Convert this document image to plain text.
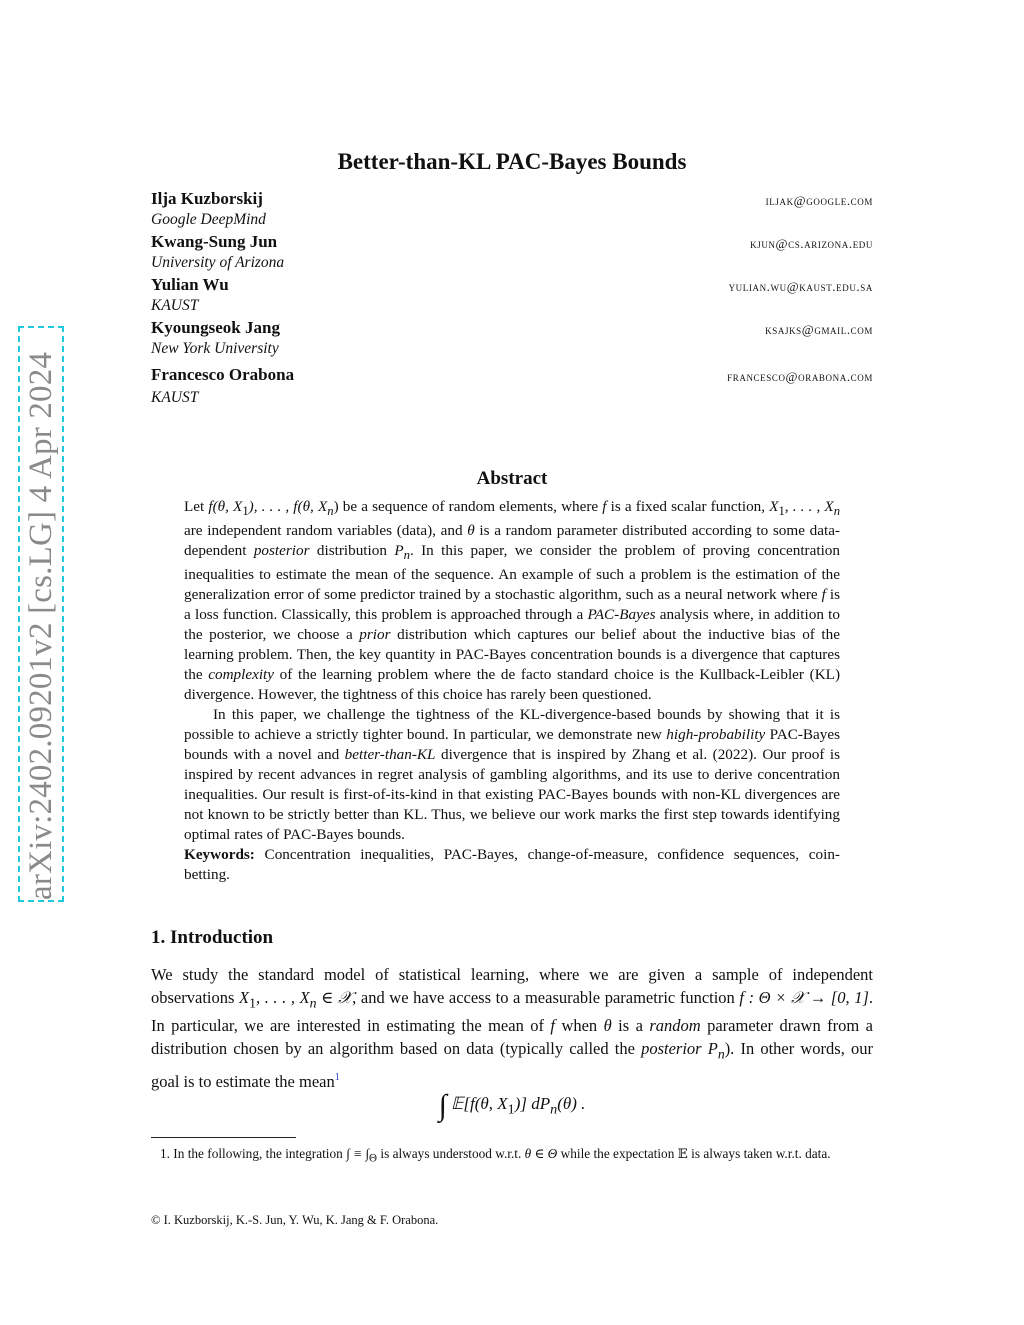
arXiv:2402.09201v2 [cs.LG] 4 Apr 2024
Better-than-KL PAC-Bayes Bounds
Ilja Kuzborskij	iljak@google.com
Google DeepMind
Kwang-Sung Jun	kjun@cs.arizona.edu
University of Arizona
Yulian Wu	yulian.wu@kaust.edu.sa
KAUST
Kyoungseok Jang	ksajks@gmail.com
New York University
Francesco Orabona	francesco@orabona.com
KAUST
Abstract

Let f(θ, $X_1$), . . . , f(θ, $X_n$) be a sequence of random elements, where f is a fixed scalar function, $X_1$, . . . , $X_n$ are independent random variables (data), and θ is a random parameter distributed according to some data-dependent posterior distribution $P_n$. In this paper, we consider the problem of proving concentration inequalities to estimate the mean of the sequence. An example of such a problem is the estimation of the generalization error of some predictor trained by a stochastic algorithm, such as a neural network where f is a loss function. Classically, this problem is approached through a PAC-Bayes analysis where, in addition to the posterior, we choose a prior distribution which captures our belief about the inductive bias of the learning problem. Then, the key quantity in PAC-Bayes concentration bounds is a divergence that captures the complexity of the learning problem where the de facto standard choice is the Kullback-Leibler (KL) divergence. However, the tightness of this choice has rarely been questioned.

In this paper, we challenge the tightness of the KL-divergence-based bounds by showing that it is possible to achieve a strictly tighter bound. In particular, we demonstrate new high-probability PAC-Bayes bounds with a novel and better-than-KL divergence that is inspired by Zhang et al. (2022). Our proof is inspired by recent advances in regret analysis of gambling algorithms, and its use to derive concentration inequalities. Our result is first-of-its-kind in that existing PAC-Bayes bounds with non-KL divergences are not known to be strictly better than KL. Thus, we believe our work marks the first step towards identifying optimal rates of PAC-Bayes bounds.

Keywords: Concentration inequalities, PAC-Bayes, change-of-measure, confidence sequences, coin-betting.

1. Introduction
We study the standard model of statistical learning, where we are given a sample of independent observations $X_1$, . . . , $X_n$ ∈ 𝒳, and we have access to a measurable parametric function f : Θ × 𝒳 → [0, 1]. In particular, we are interested in estimating the mean of f when θ is a random parameter drawn from a distribution chosen by an algorithm based on data (typically called the posterior $P_n$). In other words, our goal is to estimate the mean$^1$
∫ 𝔼[f(θ, $X_1$)] $dP_n(\theta)$ .
1. In the following, the integration ∫ ≡ $\int_\Theta$ is always understood w.r.t. θ ∈ Θ while the expectation 𝔼 is always taken w.r.t. data.
© I. Kuzborskij, K.-S. Jun, Y. Wu, K. Jang & F. Orabona.
